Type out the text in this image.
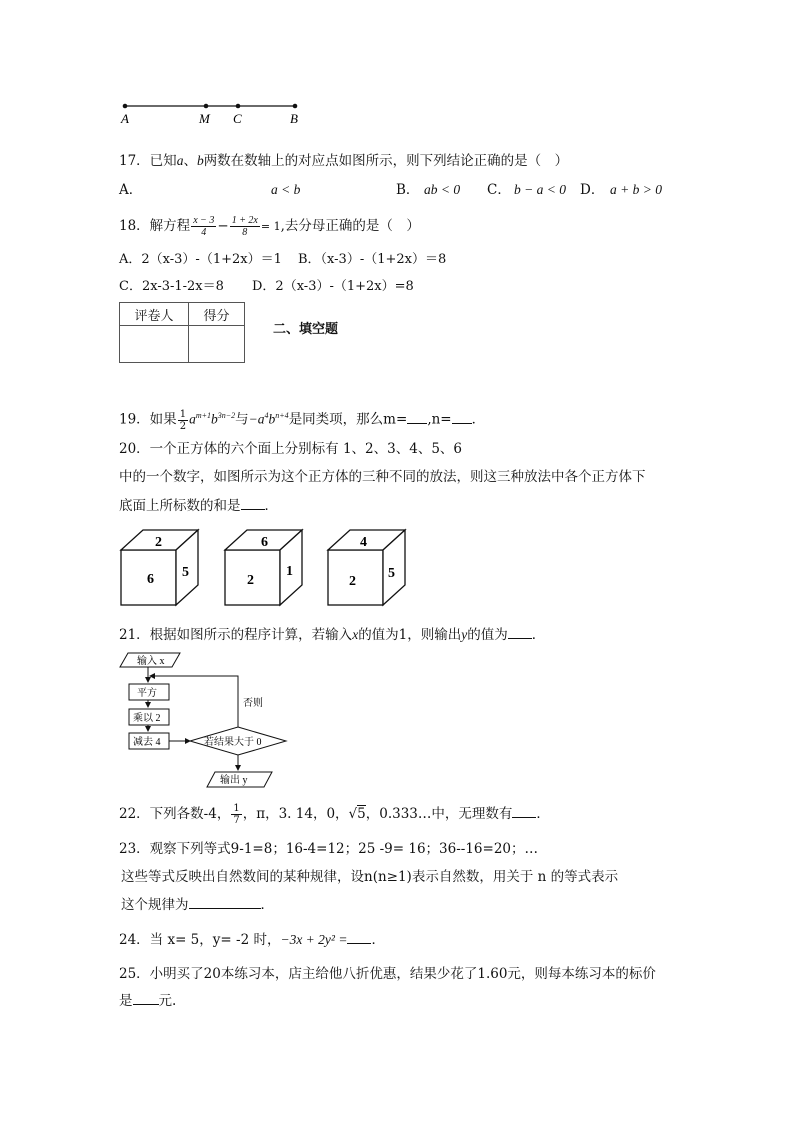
A	M C	B
17．已知a、b两数在数轴上的对应点如图所示，则下列结论正确的是（　）
A．	a < b	B． ab < 0 C． b − a < 0 D． a + b > 0
18．解方程 $\frac{x - 3}{4} - \frac{1 + 2x}{8} = 1$,去分母正确的是（　）
A．2（x-3）-（1+2x）＝1 B．（x-3）-（1+2x）＝8
C．2x-3-1-2x＝8 D．2（x-3）-（1+2x）=8
评卷人	得分

二、填空题
19．如果 $\frac{1}{2} a^{m+1}b^{3n-2}$与$-a^4b^{n+4}$是同类项，那么m= ,n= ．
20．一个正方体的六个面上分别标有 1、2、3、4、5、6
中的一个数字，如图所示为这个正方体的三种不同的放法，则这三种放法中各个正方体下
底面上所标数的和是 ．
2
6 5
6
2
1
4
2
5
21．根据如图所示的程序计算，若输入x的值为1，则输出y的值为 ．
输入 x
平方
乘以 2
减去 4	若结果大于 0
否则
输出 y
22．下列各数-4， $\frac{1}{7}$ ，π，3. 14，0，√5，0.333…中，无理数有 ．
23．观察下列等式9-1=8；16-4=12；25 -9= 16；36--16=20；…
这些等式反映出自然数间的某种规律，设n(n≥1)表示自然数，用关于 n 的等式表示
这个规律为	．
24．当 x= 5，y= -2 时，−3x + 2y² = ．
25．小明买了20本练习本，店主给他八折优惠，结果少花了1.60元，则每本练习本的标价
是 元.
